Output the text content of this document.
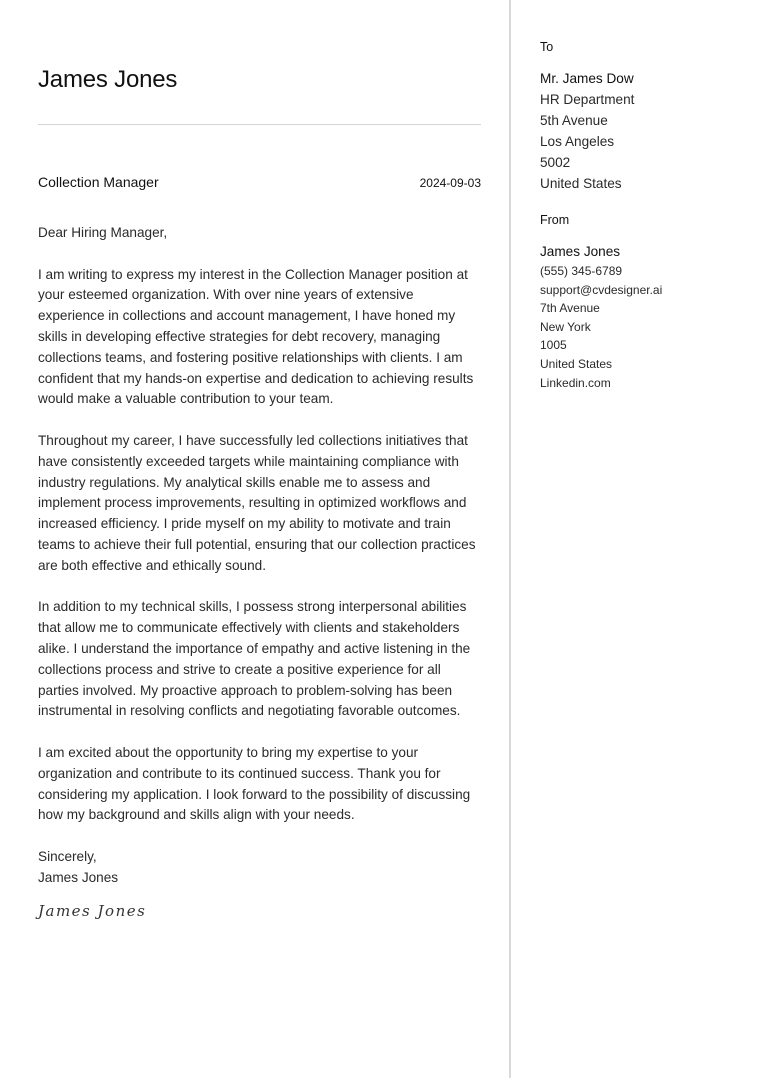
James Jones
Collection Manager	2024-09-03

Dear Hiring Manager,

I am writing to express my interest in the Collection Manager position at your esteemed organization. With over nine years of extensive experience in collections and account management, I have honed my skills in developing effective strategies for debt recovery, managing collections teams, and fostering positive relationships with clients. I am confident that my hands-on expertise and dedication to achieving results would make a valuable contribution to your team.

Throughout my career, I have successfully led collections initiatives that have consistently exceeded targets while maintaining compliance with industry regulations. My analytical skills enable me to assess and implement process improvements, resulting in optimized workflows and increased efficiency. I pride myself on my ability to motivate and train teams to achieve their full potential, ensuring that our collection practices are both effective and ethically sound.

In addition to my technical skills, I possess strong interpersonal abilities that allow me to communicate effectively with clients and stakeholders alike. I understand the importance of empathy and active listening in the collections process and strive to create a positive experience for all parties involved. My proactive approach to problem-solving has been instrumental in resolving conflicts and negotiating favorable outcomes.

I am excited about the opportunity to bring my expertise to your organization and contribute to its continued success. Thank you for considering my application. I look forward to the possibility of discussing how my background and skills align with your needs.

Sincerely,

James Jones

James Jones
To
Mr. James Dow
HR Department
5th Avenue
Los Angeles
5002
United States
From
James Jones
(555) 345-6789
support@cvdesigner.ai
7th Avenue
New York
1005
United States
Linkedin.com
